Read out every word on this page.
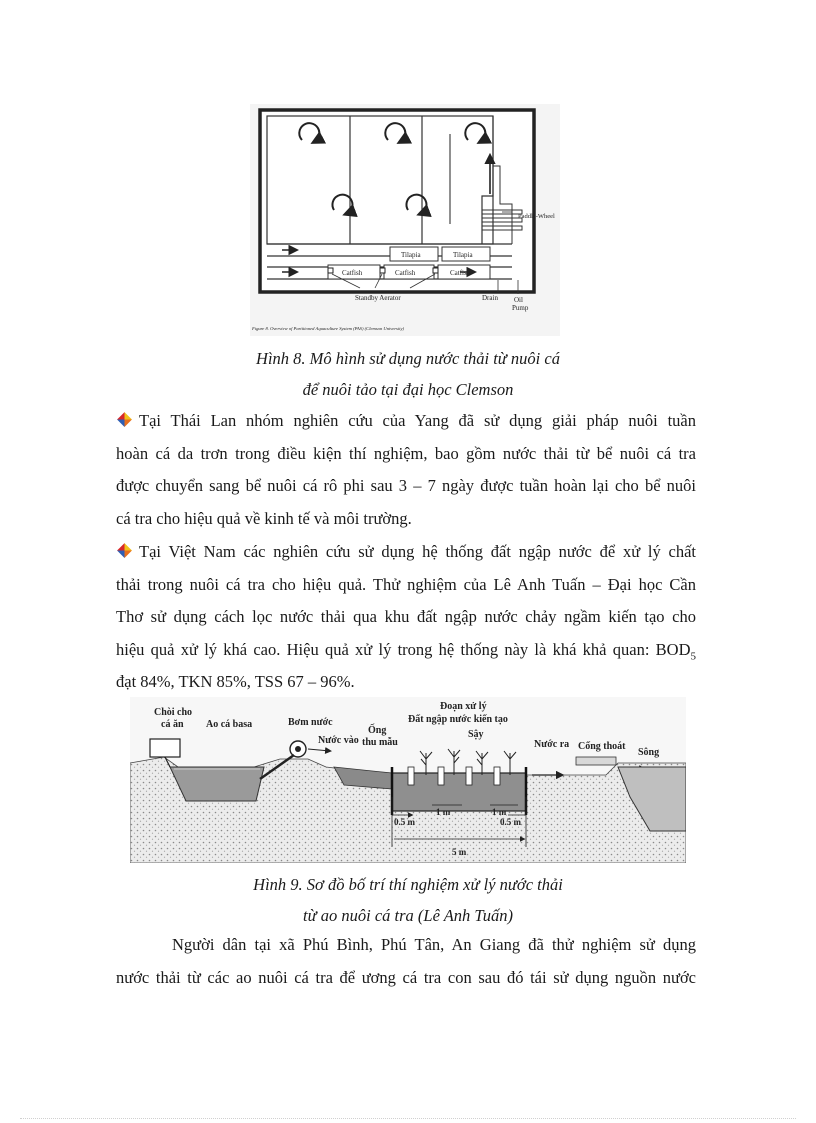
Paddle-Wheel
Tilapia	Tilapia
Catfish	Catfish	Catfish
Standby Aerator	Drain Oil
Pump
Figure 8. Overview of Partitioned Aquaculture System (PAS) (Clemson University)
Hình 8. Mô hình sử dụng nước thải từ nuôi cá
để nuôi tảo tại đại học Clemson
Tại Thái Lan nhóm nghiên cứu của Yang đã sử dụng giải pháp nuôi tuần
hoàn cá da trơn trong điều kiện thí nghiệm, bao gồm nước thải từ bể nuôi cá tra
được chuyển sang bể nuôi cá rô phi sau 3 – 7 ngày được tuần hoàn lại cho bể nuôi
cá tra cho hiệu quả về kinh tế và môi trường.
Tại Việt Nam các nghiên cứu sử dụng hệ thống đất ngập nước để xử lý chất
thải trong nuôi cá tra cho hiệu quả. Thử nghiệm của Lê Anh Tuấn – Đại học Cần
Thơ sử dụng cách lọc nước thải qua khu đất ngập nước chảy ngầm kiến tạo cho
hiệu quả xử lý khá cao. Hiệu quả xử lý trong hệ thống này là khá khả quan: $BOD_5$
đạt 84%, TKN 85%, TSS 67 – 96%.
Chòi cho
cá ăn Ao cá basa	Bơm nước
Nước vào
Ống
thu mẫu
Đoạn xử lý
Đất ngập nước kiến tạo
Sậy
Nước ra Cống thoát
Sông
0.5 m
1 m	1 m
0.5 m
5 m
Hình 9. Sơ đồ bố trí thí nghiệm xử lý nước thải
từ ao nuôi cá tra (Lê Anh Tuấn)
Người dân tại xã Phú Bình, Phú Tân, An Giang đã thử nghiệm sử dụng
nước thải từ các ao nuôi cá tra để ương cá tra con sau đó tái sử dụng nguồn nước
